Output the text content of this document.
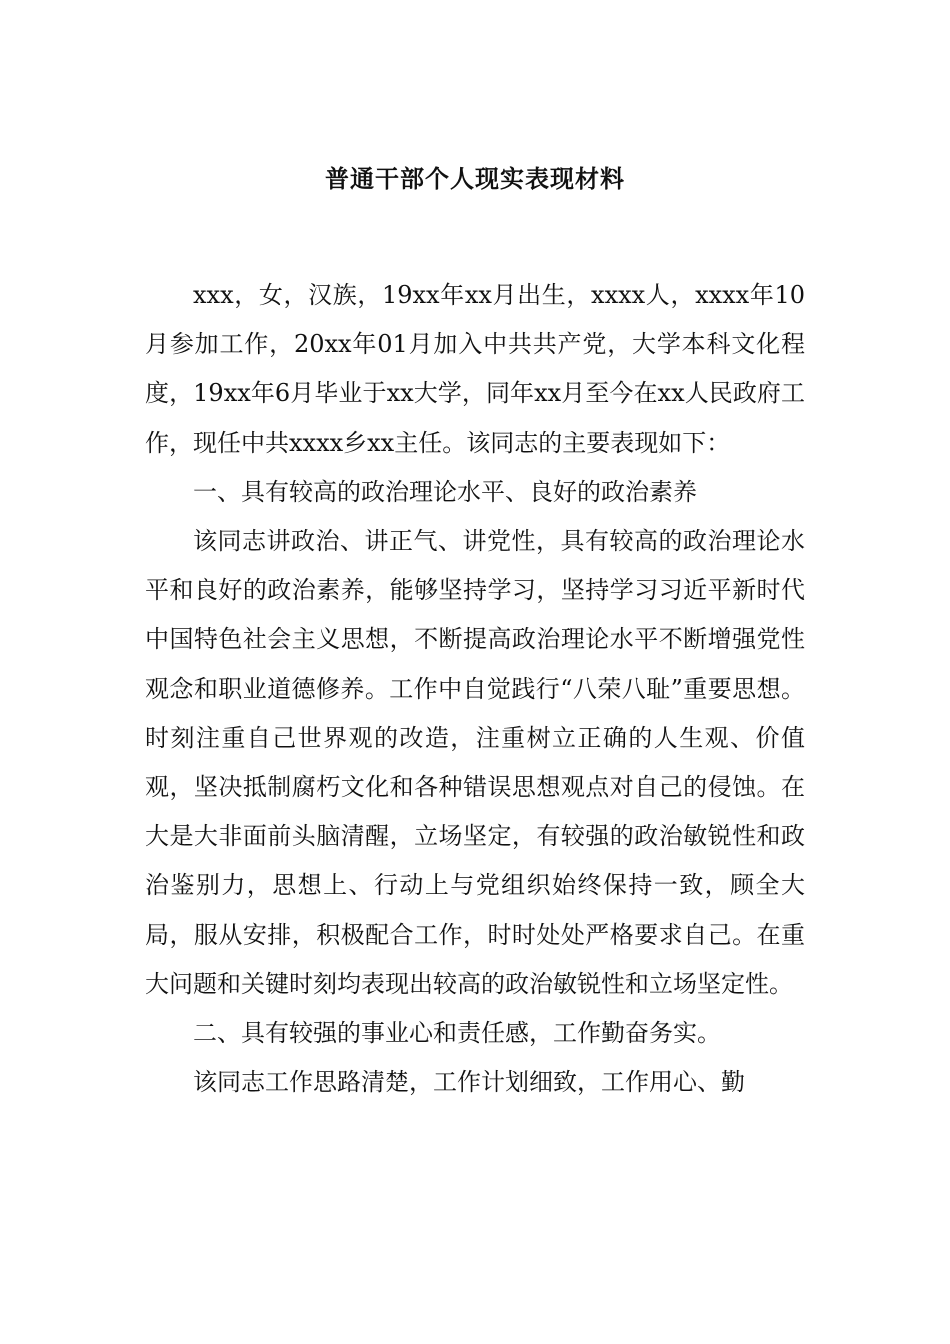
普通干部个人现实表现材料

xxx，女，汉族，19xx年xx月出生，xxxx人，xxxx年10月参加工作，20xx年01月加入中共共产党，大学本科文化程度，19xx年6月毕业于xx大学，同年xx月至今在xx人民政府工作，现任中共xxxx乡xx主任。该同志的主要表现如下：

一、具有较高的政治理论水平、良好的政治素养

该同志讲政治、讲正气、讲党性，具有较高的政治理论水平和良好的政治素养，能够坚持学习，坚持学习习近平新时代中国特色社会主义思想，不断提高政治理论水平不断增强党性观念和职业道德修养。工作中自觉践行“八荣八耻”重要思想。时刻注重自己世界观的改造，注重树立正确的人生观、价值观，坚决抵制腐朽文化和各种错误思想观点对自己的侵蚀。在大是大非面前头脑清醒，立场坚定，有较强的政治敏锐性和政治鉴别力，思想上、行动上与党组织始终保持一致，顾全大局，服从安排，积极配合工作，时时处处严格要求自己。在重大问题和关键时刻均表现出较高的政治敏锐性和立场坚定性。

二、具有较强的事业心和责任感，工作勤奋务实。

该同志工作思路清楚，工作计划细致，工作用心、勤
